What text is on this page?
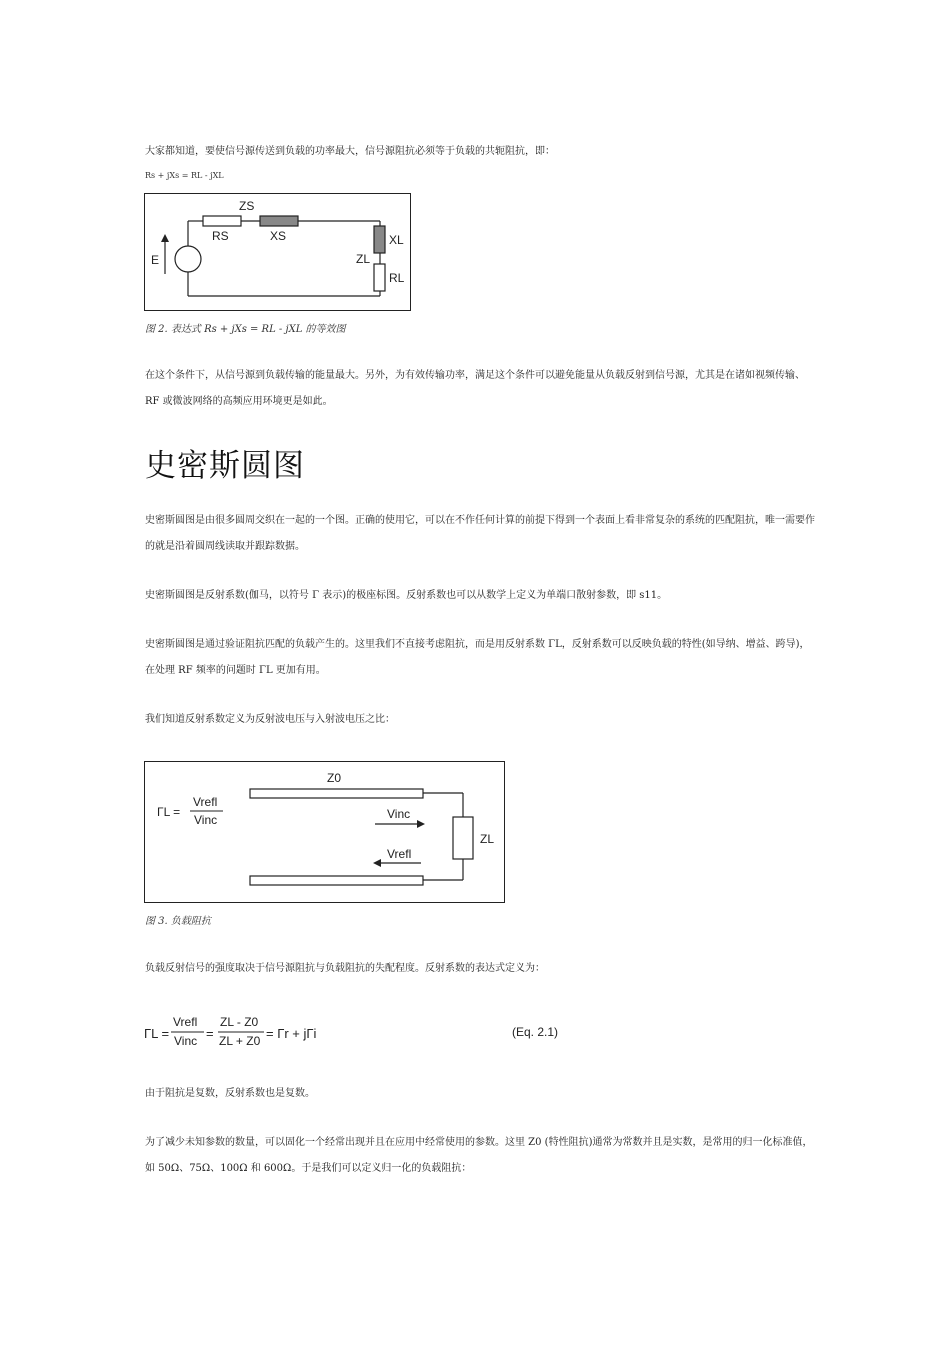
大家都知道，要使信号源传送到负载的功率最大，信号源阻抗必须等于负载的共轭阻抗，即：

Rs + jXs = RL - jXL
ZS
RS	XS
E
XL
ZL
RL
图 2. 表达式 Rs + jXs = RL - jXL 的等效图

在这个条件下，从信号源到负载传输的能量最大。另外，为有效传输功率，满足这个条件可以避免能量从负载反射到信号源，尤其是在诸如视频传输、RF 或微波网络的高频应用环境更是如此。

史密斯圆图

史密斯圆图是由很多圆周交织在一起的一个图。正确的使用它，可以在不作任何计算的前提下得到一个表面上看非常复杂的系统的匹配阻抗，唯一需要作的就是沿着圆周线读取并跟踪数据。

史密斯圆图是反射系数(伽马，以符号 Γ 表示)的极座标图。反射系数也可以从数学上定义为单端口散射参数，即 s11。

史密斯圆图是通过验证阻抗匹配的负载产生的。这里我们不直接考虑阻抗，而是用反射系数 ΓL，反射系数可以反映负载的特性(如导纳、增益、跨导)，在处理 RF 频率的问题时 ΓL 更加有用。

我们知道反射系数定义为反射波电压与入射波电压之比：

ΓL =
Vrefl
Vinc
Z0
ZL
Vinc
Vrefl
图 3. 负载阻抗

负载反射信号的强度取决于信号源阻抗与负载阻抗的失配程度。反射系数的表达式定义为：

ΓL =
Vrefl
Vinc =
ZL - Z0
ZL + Z0 = Γr + jΓi	(Eq. 2.1)

由于阻抗是复数，反射系数也是复数。

为了减少未知参数的数量，可以固化一个经常出现并且在应用中经常使用的参数。这里 Z0 (特性阻抗)通常为常数并且是实数，是常用的归一化标准值，如 50Ω、75Ω、100Ω 和 600Ω。于是我们可以定义归一化的负载阻抗：
